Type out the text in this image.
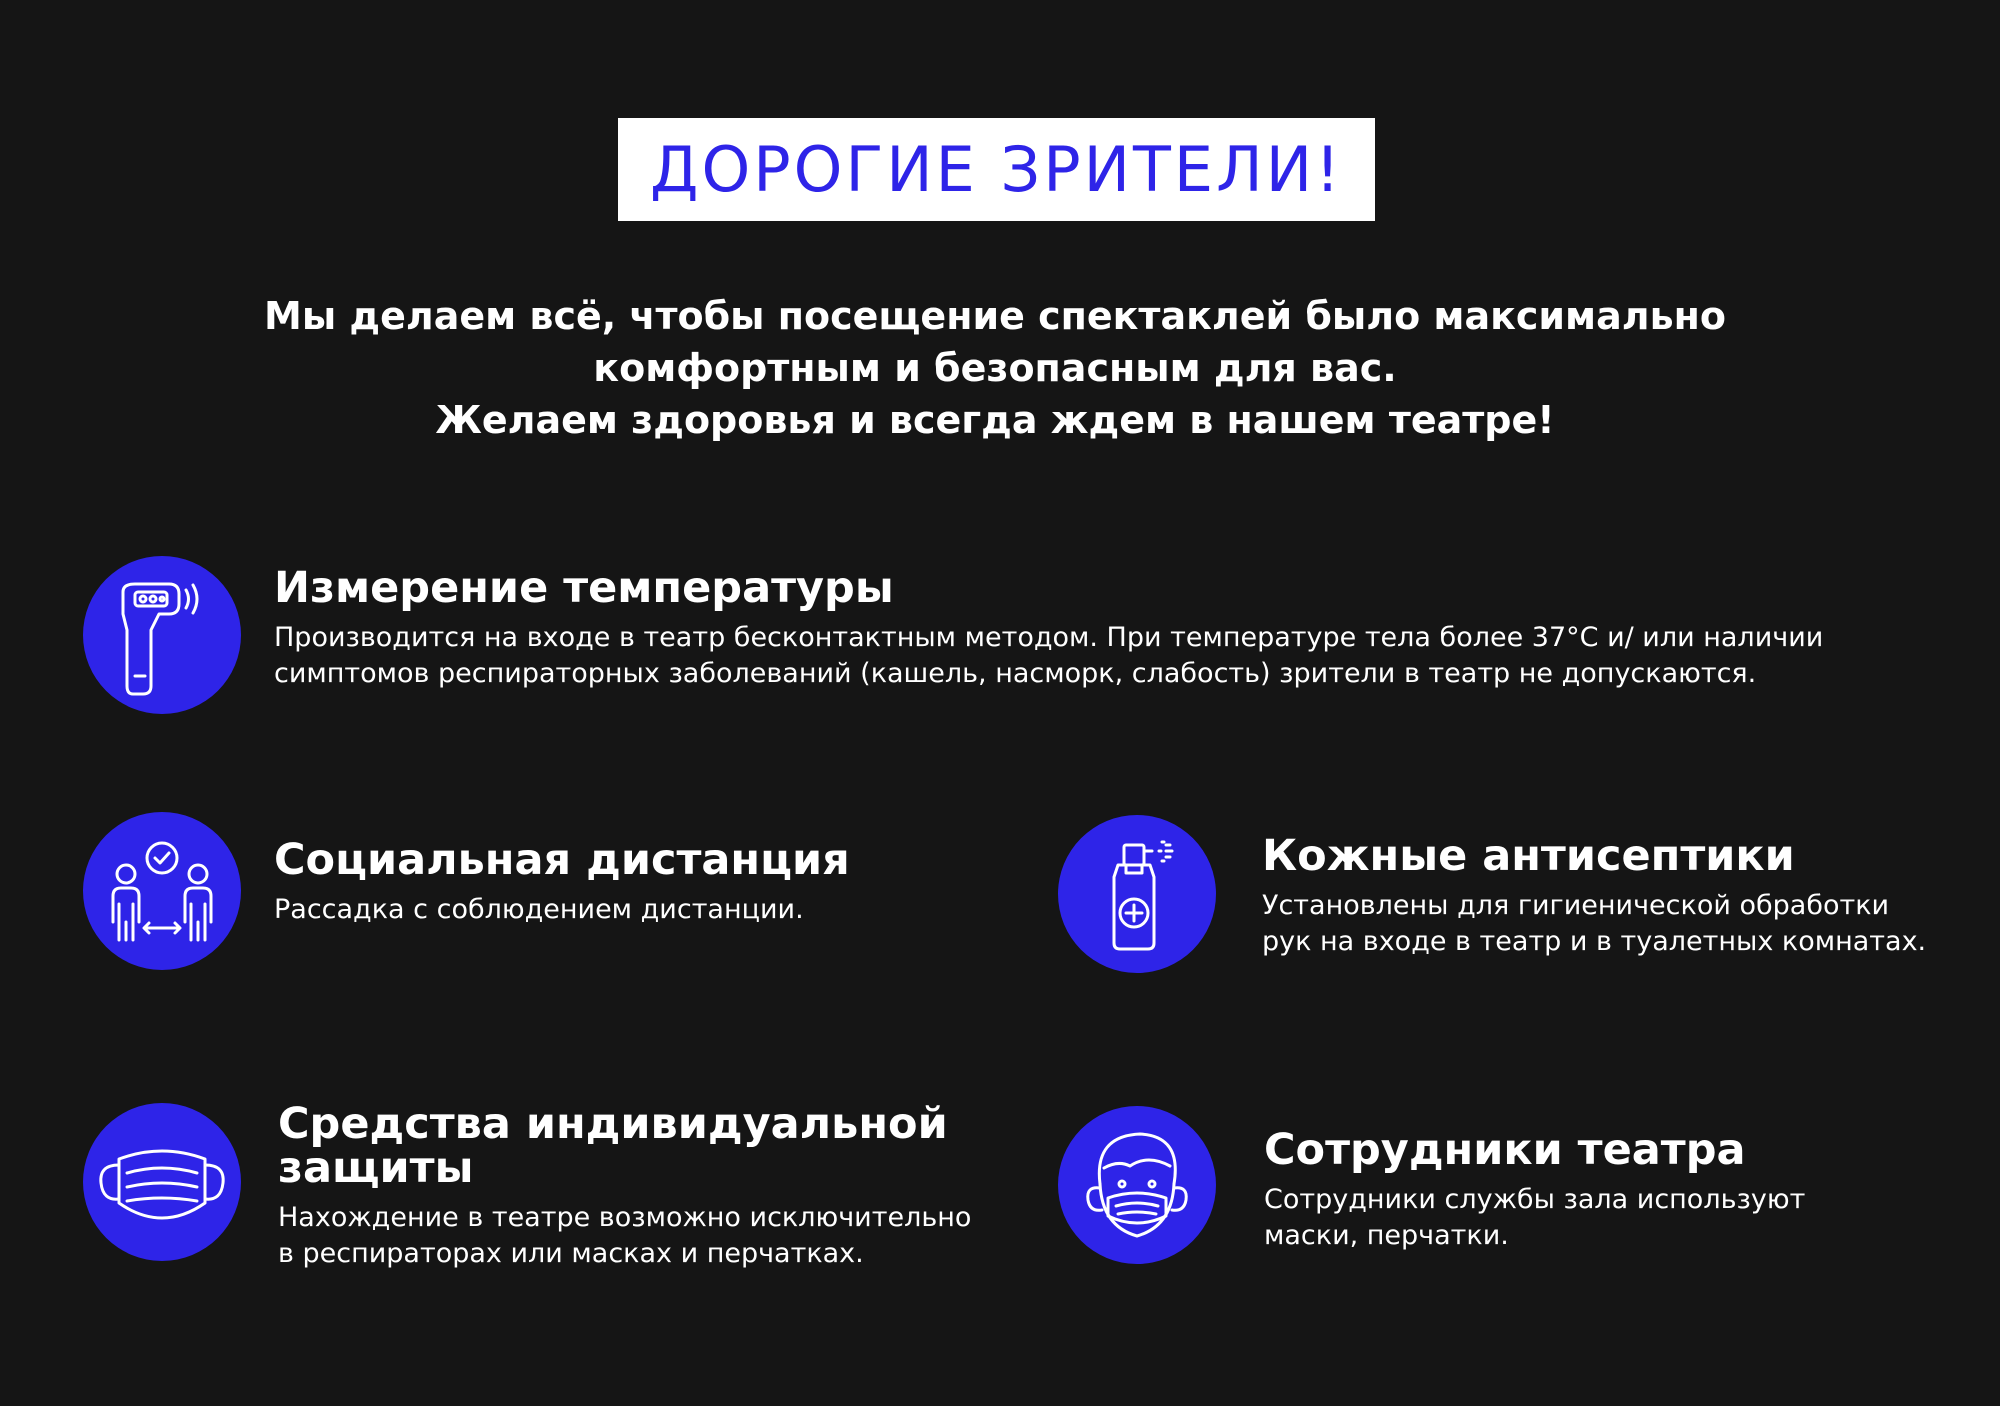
ДОРОГИЕ ЗРИТЕЛИ!
Мы делаем всё, чтобы посещение спектаклей было максимально
комфортным и безопасным для вас.
Желаем здоровья и всегда ждем в нашем театре!
Измерение температуры
Производится на входе в театр бесконтактным методом. При температуре тела более 37°С и/ или наличии
симптомов респираторных заболеваний (кашель, насморк, слабость) зрители в театр не допускаются.
Социальная дистанция
Рассадка с соблюдением дистанции.
Кожные антисептики
Установлены для гигиенической обработки
рук на входе в театр и в туалетных комнатах.
Средства индивидуальной
защиты
Нахождение в театре возможно исключительно
в респираторах или масках и перчатках.
Сотрудники театра
Сотрудники службы зала используют
маски, перчатки.
